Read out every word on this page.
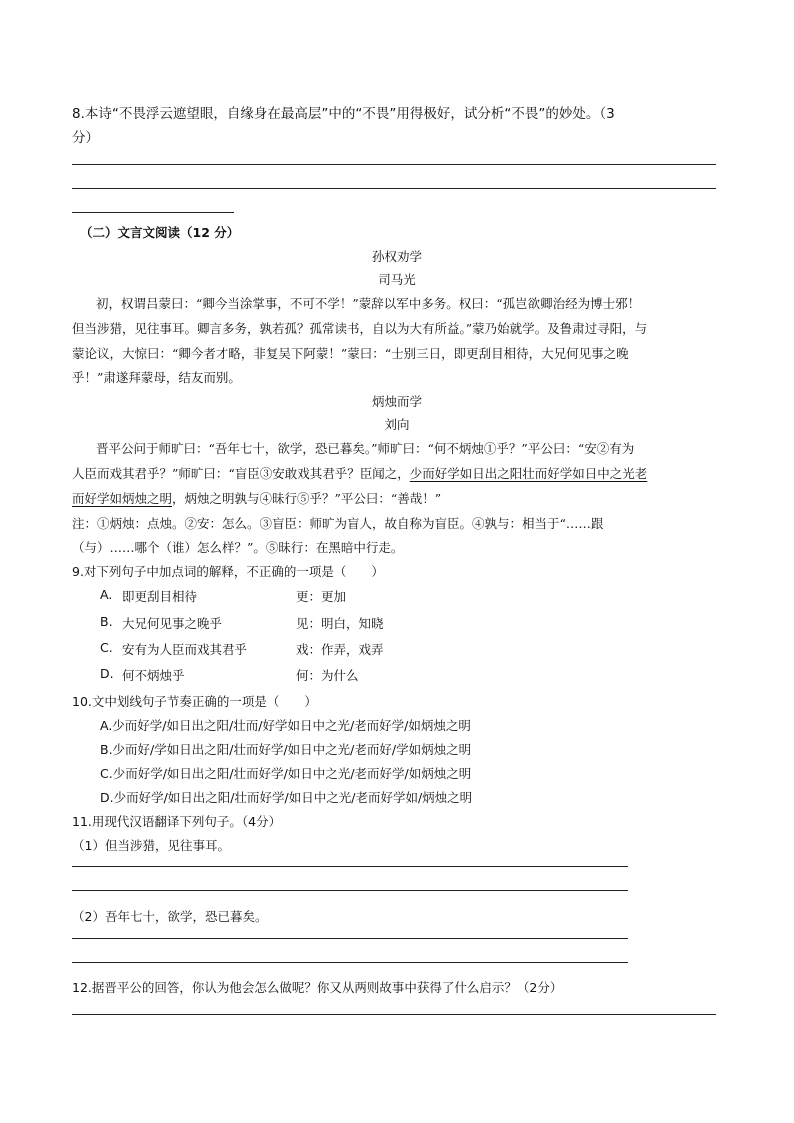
8.本诗“不畏浮云遮望眼，自缘身在最高层”中的“不畏”用得极好，试分析“不畏”的妙处。（3
分）
（二）文言文阅读（12 分）
孙权劝学
司马光
初，权谓吕蒙曰：“卿今当涂掌事，不可不学！”蒙辞以军中多务。权曰：“孤岂欲卿治经为博士邪！
但当涉猎，见往事耳。卿言多务，孰若孤？孤常读书，自以为大有所益。”蒙乃始就学。及鲁肃过寻阳，与
蒙论议，大惊曰：“卿今者才略，非复吴下阿蒙！”蒙曰：“士别三日，即更刮目相待，大兄何见事之晚
乎！”肃遂拜蒙母，结友而别。
炳烛而学
刘向
晋平公问于师旷曰：“吾年七十，欲学，恐已暮矣。”师旷曰：“何不炳烛①乎？”平公曰：“安②有为
人臣而戏其君乎？”师旷曰：“盲臣③安敢戏其君乎？臣闻之，少而好学如日出之阳壮而好学如日中之光老
而好学如炳烛之明，炳烛之明孰与④昧行⑤乎？”平公曰：“善哉！”
注：①炳烛：点烛。②安：怎么。③盲臣：师旷为盲人，故自称为盲臣。④孰与：相当于“……跟
（与）……哪个（谁）怎么样？”。⑤昧行：在黑暗中行走。
9.对下列句子中加点词的解释，不正确的一项是（　　）
A. 即更刮目相待	更：更加
B. 大兄何见事之晚乎	见：明白，知晓
C. 安有为人臣而戏其君乎	戏：作弄，戏弄
D. 何不炳烛乎	何：为什么
10.文中划线句子节奏正确的一项是（　　）
A.少而好学/如日出之阳/壮而/好学如日中之光/老而好学/如炳烛之明
B.少而好/学如日出之阳/壮而好学/如日中之光/老而好/学如炳烛之明
C.少而好学/如日出之阳/壮而好学/如日中之光/老而好学/如炳烛之明
D.少而好学/如日出之阳/壮而好学/如日中之光/老而好学如/炳烛之明
11.用现代汉语翻译下列句子。（4分）
（1）但当涉猎，见往事耳。
（2）吾年七十，欲学，恐已暮矣。
12.据晋平公的回答，你认为他会怎么做呢？你又从两则故事中获得了什么启示？（2分）
